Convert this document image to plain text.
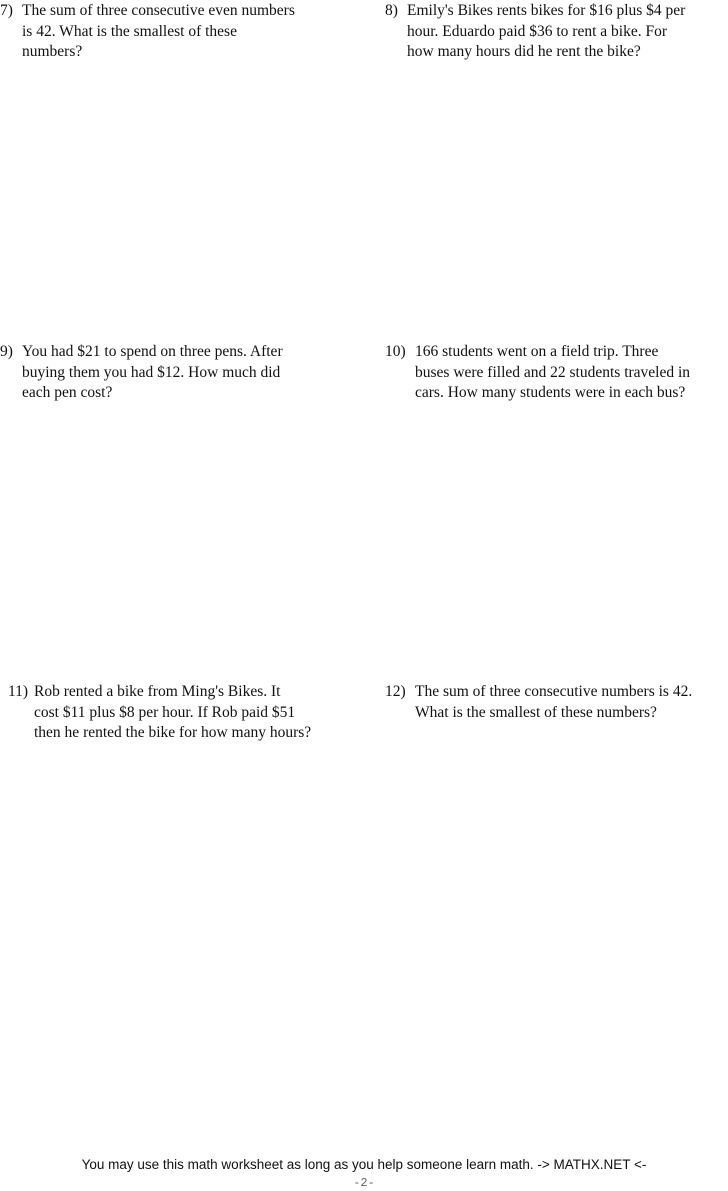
7) The sum of three consecutive even numbers
is 42. What is the smallest of these
numbers?
8) Emily's Bikes rents bikes for $16 plus $4 per
hour. Eduardo paid $36 to rent a bike. For
how many hours did he rent the bike?
9) You had $21 to spend on three pens. After
buying them you had $12. How much did
each pen cost?
10) 166 students went on a field trip. Three
buses were filled and 22 students traveled in
cars. How many students were in each bus?
11) Rob rented a bike from Ming's Bikes. It
cost $11 plus $8 per hour. If Rob paid $51
then he rented the bike for how many hours?
12) The sum of three consecutive numbers is 42.
What is the smallest of these numbers?
You may use this math worksheet as long as you help someone learn math. -> MATHX.NET <-
-2-
